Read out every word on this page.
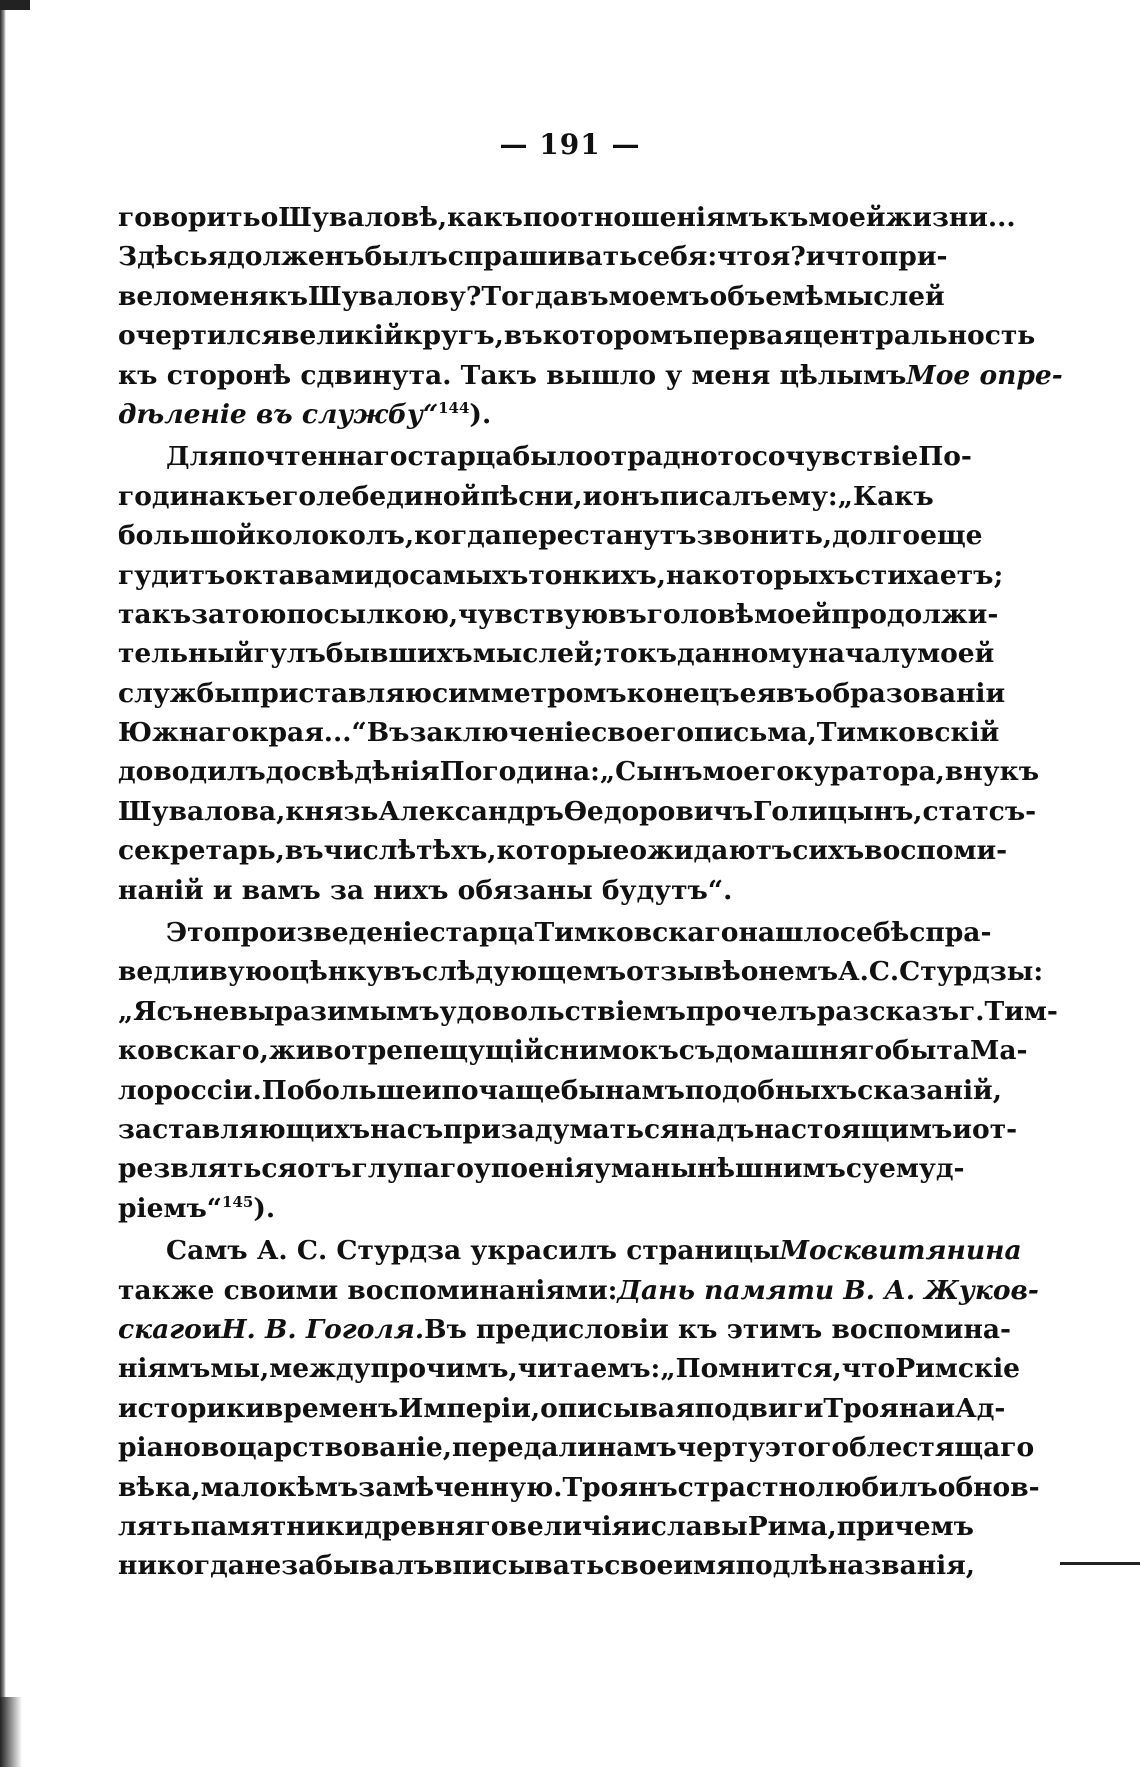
— 191 —
говорить о Шуваловѣ, какъ по отношеніямъ къ моей жизни...
Здѣсь я долженъ былъ спрашивать себя: что я? и что при-
вело меня къ Шувалову? Тогда въ моемъ объемѣ мыслей
очертился великій кругъ, въ которомъ первая центральность
къ сторонѣ сдвинута. Такъ вышло у меня цѣлымъ Мое опре-
дѣленіе въ службу“$^{144}$).
Для почтеннаго старца было отрадно то сочувствіе По-
година къ его лебединой пѣсни, и онъ писалъ ему: „Какъ
большой колоколъ, когда перестанутъ звонить, долго еще
гудитъ октавами до самыхъ тонкихъ, на которыхъ стихаетъ;
такъ за тою посылкою, чувствую въ головѣ моей продолжи-
тельный гулъ бывшихъ мыслей; то къ данному началу моей
службы приставляю симметромъ конецъ ея въ образованіи
Южнаго края...“ Въ заключеніе своего письма, Тимковскій
доводилъ до свѣдѣнія Погодина: „Сынъ моего куратора, внукъ
Шувалова, князь Александръ Ѳедоровичъ Голицынъ, статсъ-
секретарь, въ числѣ тѣхъ, которые ожидаютъ сихъ воспоми-
наній и вамъ за нихъ обязаны будутъ“.
Это произведеніе старца Тимковскаго нашло себѣ спра-
ведливую оцѣнку въ слѣдующемъ отзывѣ о немъ А. С. Стурдзы:
„Я съ невыразимымъ удовольствіемъ прочелъ разсказъ г. Тим-
ковскаго, животрепещущій снимокъ съ домашняго быта Ма-
лороссіи. Побольше и почаще бы намъ подобныхъ сказаній,
заставляющихъ насъ призадуматься надъ настоящимъ и от-
резвляться отъ глупаго упоенія ума нынѣшнимъ суемуд-
ріемъ“$^{145}$).
Самъ А. С. Стурдза украсилъ страницы Москвитянина
также своими воспоминаніями: Дань памяти В. А. Жуков-
скаго и Н. В. Гоголя. Въ предисловіи къ этимъ воспомина-
ніямъ мы, между прочимъ, читаемъ: „Помнится, что Римскіе
историки временъ Имперіи, описывая подвиги Трояна и Ад-
ріаново царствованіе, передали намъ черту этого блестящаго
вѣка, мало кѣмъ замѣченную. Троянъ страстно любилъ обнов-
лять памятники древняго величія и славы Рима, при чемъ
никогда не забывалъ вписывать свое имя подлѣ названія,
